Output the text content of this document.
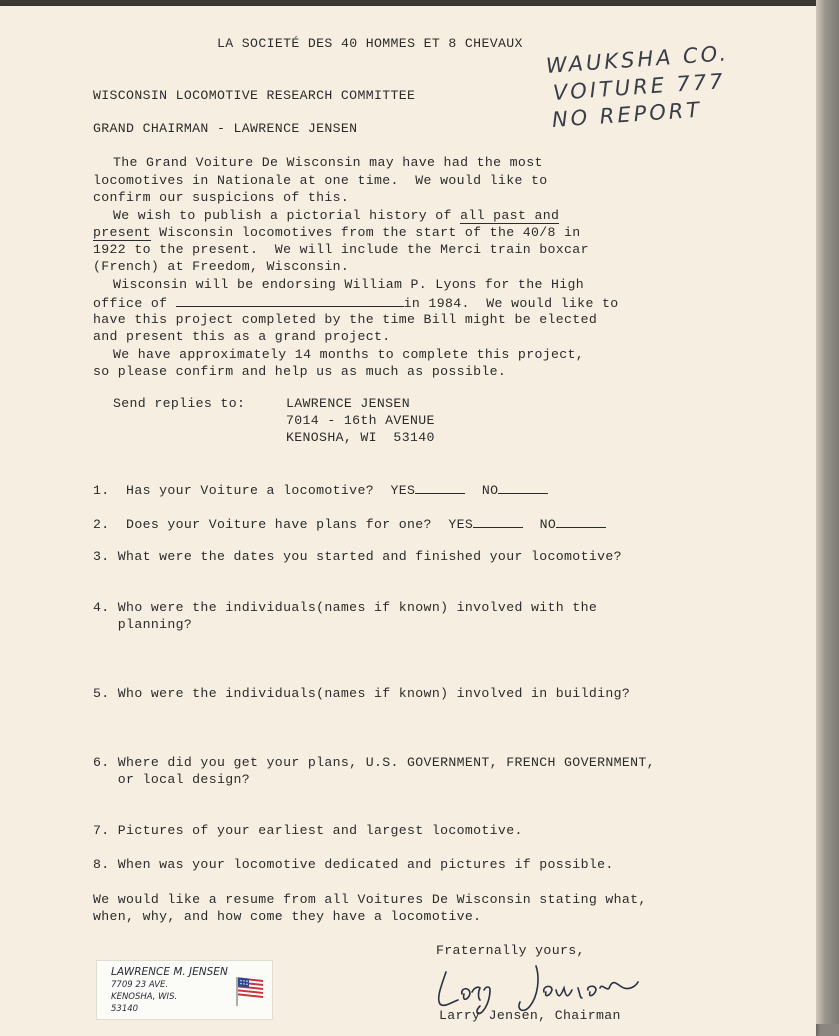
LA SOCIETÉ DES 40 HOMMES ET 8 CHEVAUX
WISCONSIN LOCOMOTIVE RESEARCH COMMITTEE
GRAND CHAIRMAN - LAWRENCE JENSEN
WAUKSHA CO.
VOITURE 777
NO REPORT
The Grand Voiture De Wisconsin may have had the most
locomotives in Nationale at one time.  We would like to
confirm our suspicions of this.
We wish to publish a pictorial history of all past and
present Wisconsin locomotives from the start of the 40/8 in
1922 to the present.  We will include the Merci train boxcar
(French) at Freedom, Wisconsin.
Wisconsin will be endorsing William P. Lyons for the High
office of	in 1984.  We would like to
have this project completed by the time Bill might be elected
and present this as a grand project.
We have approximately 14 months to complete this project,
so please confirm and help us as much as possible.
Send replies to:	LAWRENCE JENSEN
7014 - 16th AVENUE
KENOSHA, WI  53140
1.  Has your Voiture a locomotive?  YES	NO
2.  Does your Voiture have plans for one?  YES	NO
3. What were the dates you started and finished your locomotive?
4. Who were the individuals(names if known) involved with the
planning?
5. Who were the individuals(names if known) involved in building?
6. Where did you get your plans, U.S. GOVERNMENT, FRENCH GOVERNMENT,
or local design?
7. Pictures of your earliest and largest locomotive.
8. When was your locomotive dedicated and pictures if possible.
We would like a resume from all Voitures De Wisconsin stating what,
when, why, and how come they have a locomotive.
Fraternally yours,
Larry Jensen, Chairman
LAWRENCE M. JENSEN
7709 23 AVE.
KENOSHA, WIS.
53140
